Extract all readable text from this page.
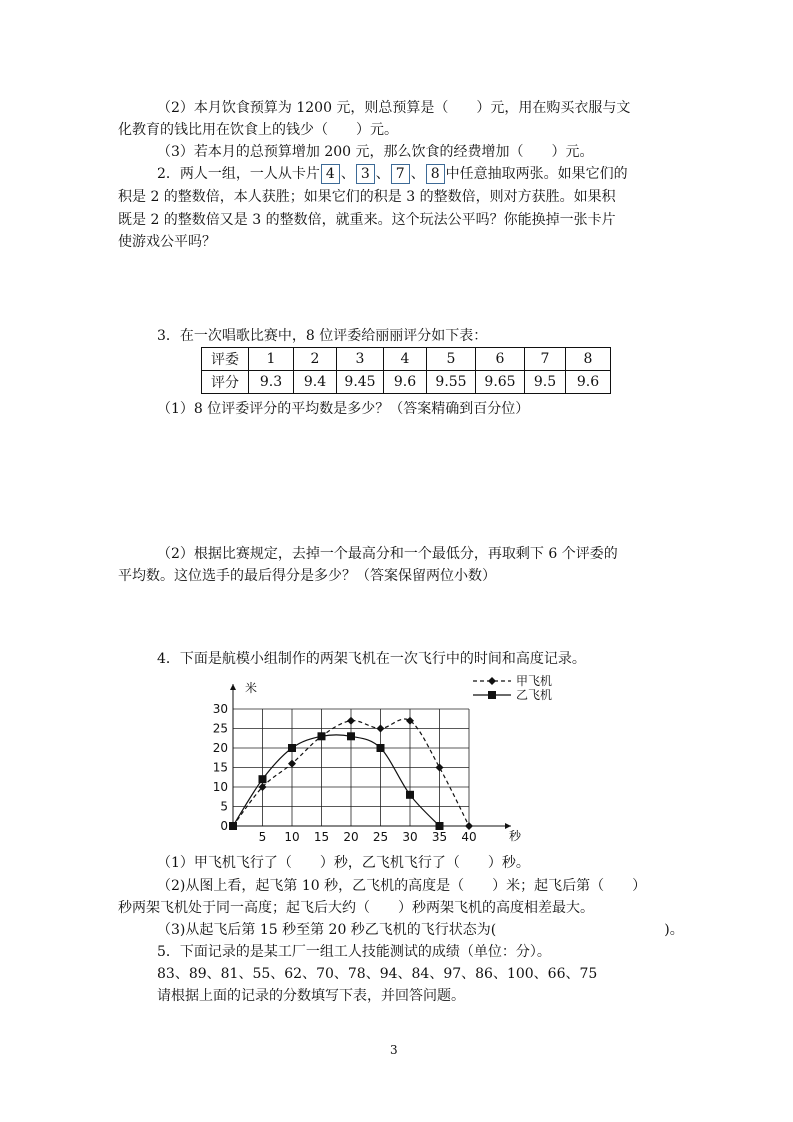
（2）本月饮食预算为 1200 元，则总预算是（　　）元，用在购买衣服与文
化教育的钱比用在饮食上的钱少（　　）元。
（3）若本月的总预算增加 200 元，那么饮食的经费增加（　　）元。
2．两人一组，一人从卡片 4 、 3 、 7 、 8 中任意抽取两张。如果它们的
积是 2 的整数倍，本人获胜；如果它们的积是 3 的整数倍，则对方获胜。如果积
既是 2 的整数倍又是 3 的整数倍，就重来。这个玩法公平吗？你能换掉一张卡片
使游戏公平吗？
3．在一次唱歌比赛中，8 位评委给丽丽评分如下表：
评委	1	2	3	4	5	6	7	8
评分	9.3	9.4	9.45	9.6	9.55	9.65	9.5	9.6
（1）8 位评委评分的平均数是多少？（答案精确到百分位）
（2）根据比赛规定，去掉一个最高分和一个最低分，再取剩下 6 个评委的
平均数。这位选手的最后得分是多少？（答案保留两位小数）
4．下面是航模小组制作的两架飞机在一次飞行中的时间和高度记录。
5 10 15 20 25 30 35 40
5
10
15
20
25
30
0
米
秒
甲飞机
乙飞机
（1）甲飞机飞行了（　　）秒，乙飞机飞行了（　　）秒。
（2)从图上看，起飞第 10 秒，乙飞机的高度是（　　）米；起飞后第（　　）
秒两架飞机处于同一高度；起飞后大约（　　）秒两架飞机的高度相差最大。
（3)从起飞后第 15 秒至第 20 秒乙飞机的飞行状态为(　　　　　　　　　　　　)。
5．下面记录的是某工厂一组工人技能测试的成绩（单位：分）。
83、89、81、55、62、70、78、94、84、97、86、100、66、75
请根据上面的记录的分数填写下表，并回答问题。
3
